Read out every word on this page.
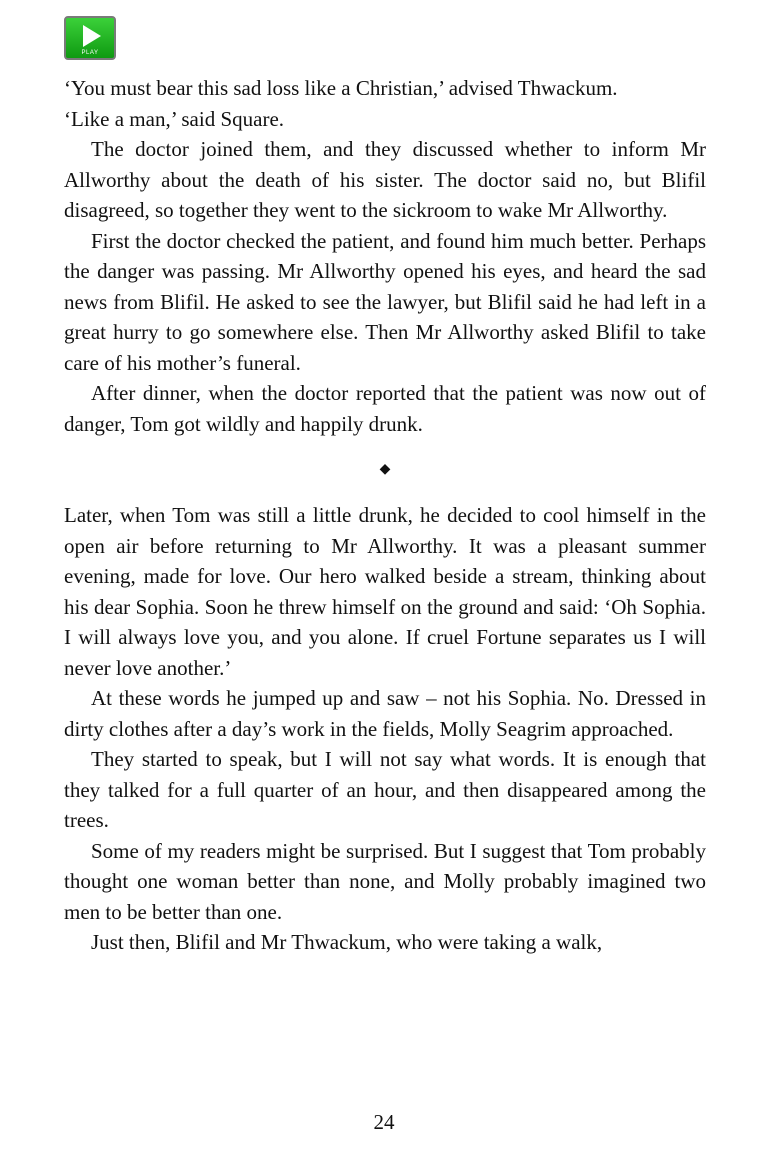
PLAY

‘You must bear this sad loss like a Christian,’ advised Thwackum.

‘Like a man,’ said Square.

The doctor joined them, and they discussed whether to inform Mr Allworthy about the death of his sister. The doctor said no, but Blifil disagreed, so together they went to the sickroom to wake Mr Allworthy.

First the doctor checked the patient, and found him much better. Perhaps the danger was passing. Mr Allworthy opened his eyes, and heard the sad news from Blifil. He asked to see the lawyer, but Blifil said he had left in a great hurry to go somewhere else. Then Mr Allworthy asked Blifil to take care of his mother’s funeral.

After dinner, when the doctor reported that the patient was now out of danger, Tom got wildly and happily drunk.

◆

Later, when Tom was still a little drunk, he decided to cool himself in the open air before returning to Mr Allworthy. It was a pleasant summer evening, made for love. Our hero walked beside a stream, thinking about his dear Sophia. Soon he threw himself on the ground and said: ‘Oh Sophia. I will always love you, and you alone. If cruel Fortune separates us I will never love another.’

At these words he jumped up and saw – not his Sophia. No. Dressed in dirty clothes after a day’s work in the fields, Molly Seagrim approached.

They started to speak, but I will not say what words. It is enough that they talked for a full quarter of an hour, and then disappeared among the trees.

Some of my readers might be surprised. But I suggest that Tom probably thought one woman better than none, and Molly probably imagined two men to be better than one.

Just then, Blifil and Mr Thwackum, who were taking a walk,

24
